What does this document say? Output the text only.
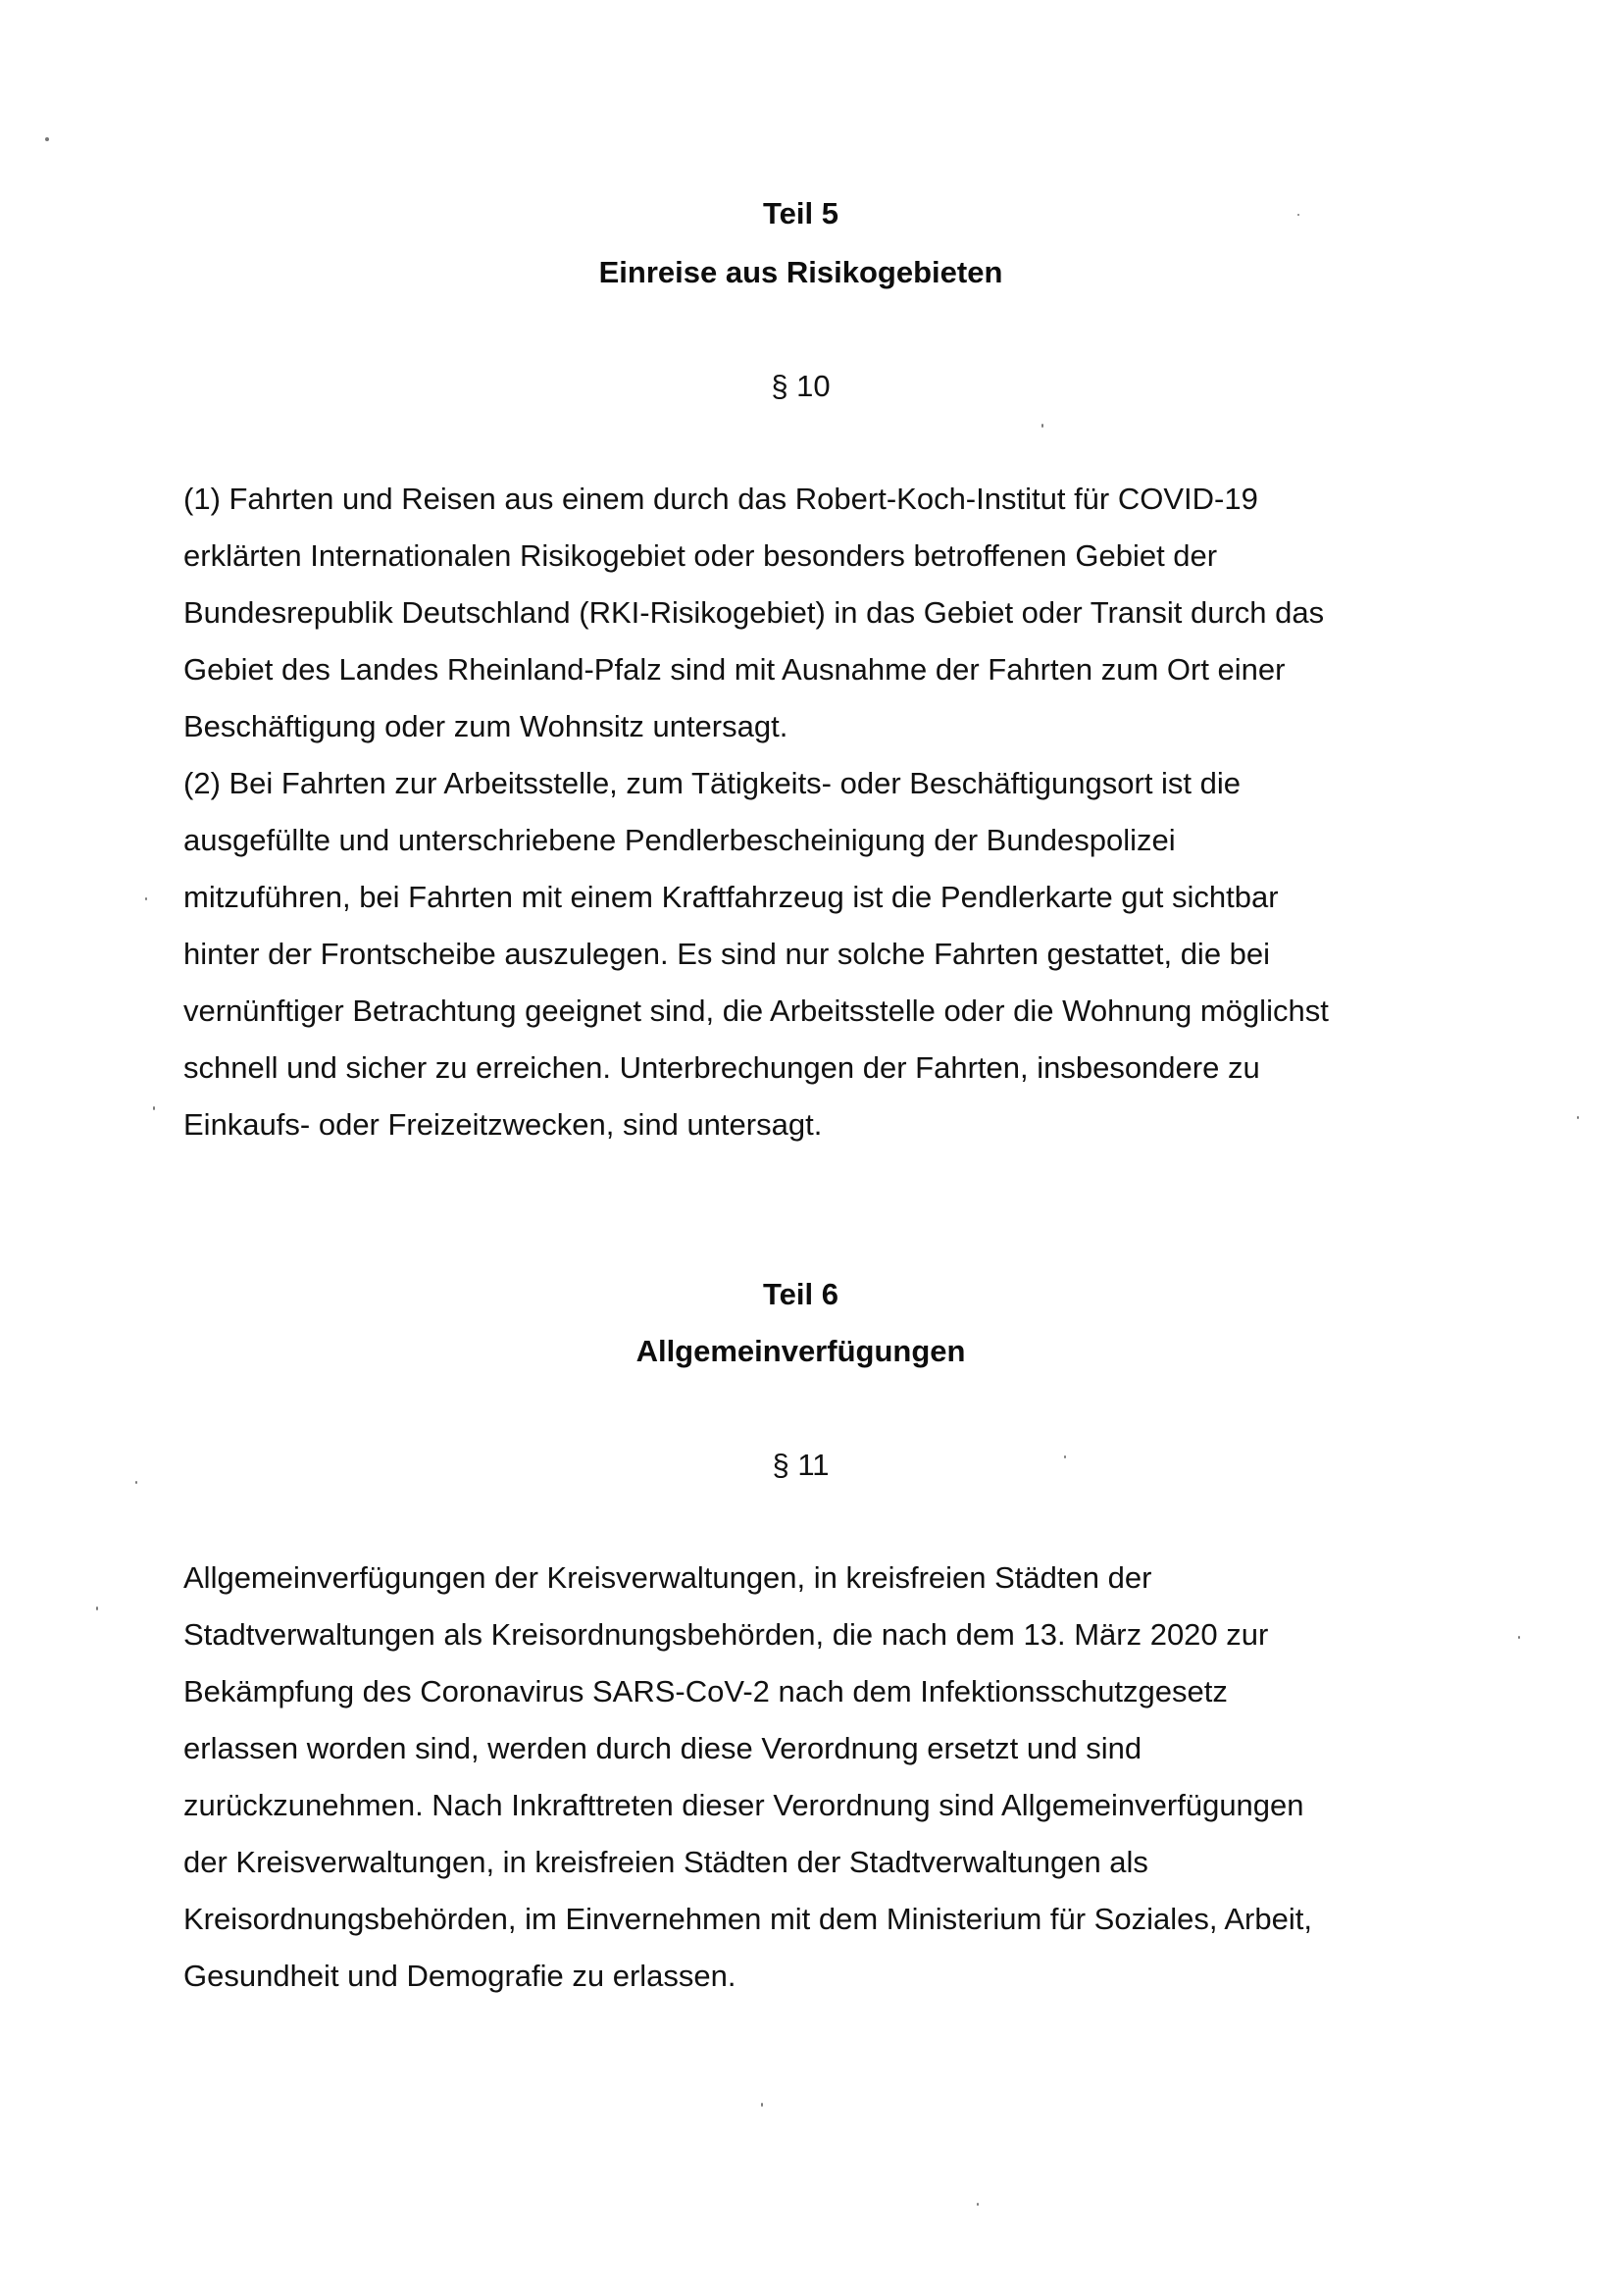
Teil 5
Einreise aus Risikogebieten
§ 10
(1) Fahrten und Reisen aus einem durch das Robert-Koch-Institut für COVID-19
erklärten Internationalen Risikogebiet oder besonders betroffenen Gebiet der
Bundesrepublik Deutschland (RKI-Risikogebiet) in das Gebiet oder Transit durch das
Gebiet des Landes Rheinland-Pfalz sind mit Ausnahme der Fahrten zum Ort einer
Beschäftigung oder zum Wohnsitz untersagt.
(2) Bei Fahrten zur Arbeitsstelle, zum Tätigkeits- oder Beschäftigungsort ist die
ausgefüllte und unterschriebene Pendlerbescheinigung der Bundespolizei
mitzuführen, bei Fahrten mit einem Kraftfahrzeug ist die Pendlerkarte gut sichtbar
hinter der Frontscheibe auszulegen. Es sind nur solche Fahrten gestattet, die bei
vernünftiger Betrachtung geeignet sind, die Arbeitsstelle oder die Wohnung möglichst
schnell und sicher zu erreichen. Unterbrechungen der Fahrten, insbesondere zu
Einkaufs- oder Freizeitzwecken, sind untersagt.
Teil 6
Allgemeinverfügungen
§ 11
Allgemeinverfügungen der Kreisverwaltungen, in kreisfreien Städten der
Stadtverwaltungen als Kreisordnungsbehörden, die nach dem 13. März 2020 zur
Bekämpfung des Coronavirus SARS-CoV-2 nach dem Infektionsschutzgesetz
erlassen worden sind, werden durch diese Verordnung ersetzt und sind
zurückzunehmen. Nach Inkrafttreten dieser Verordnung sind Allgemeinverfügungen
der Kreisverwaltungen, in kreisfreien Städten der Stadtverwaltungen als
Kreisordnungsbehörden, im Einvernehmen mit dem Ministerium für Soziales, Arbeit,
Gesundheit und Demografie zu erlassen.
